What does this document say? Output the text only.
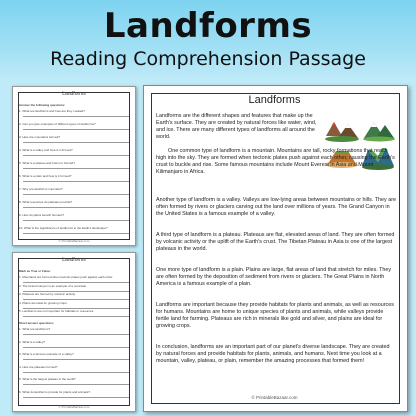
Landforms
Reading Comprehension Passage
Landforms
Answer the following questions:
© PrintableBazaar.com
1. What are landforms and how are they created?
2. Can you give examples of different types of landforms?
3. How are mountains formed?
4. What is a valley and how is it formed?
5. What is a plateau and how is it formed?
6. What is a plain and how is it formed?
7. Why are landforms important?
8. What resources do plateaus provide?
9. How do plains benefit humans?
10. What is the significance of landforms to the Earth's landscape?
Landforms
Mark as True or False:
Short answer questions:
© PrintableBazaar.com
1. Mountains are formed when tectonic plates push against each other.
2. The Grand Canyon is an example of a mountain.
3. Plateaus are formed by volcanic activity.
4. Plains are ideal for growing crops.
5. Landforms are not important for habitats or resources.
1. What are landforms?
2. What is a valley?
3. What is a famous example of a valley?
4. How are plateaus formed?
5. What is the largest plateau in the world?
6. What do landforms provide for plants and animals?
Landforms
Landforms are the different shapes and features that make up the Earth's surface. They are created by natural forces like water, wind, and ice. There are many different types of landforms all around the world.
One common type of landform is a mountain. Mountains are tall, rocky formations that reach high into the sky. They are formed when tectonic plates push against each other, causing the Earth's crust to buckle and rise. Some famous mountains include Mount Everest in Asia and Mount Kilimanjaro in Africa.
Another type of landform is a valley. Valleys are low-lying areas between mountains or hills. They are often formed by rivers or glaciers carving out the land over millions of years. The Grand Canyon in the United States is a famous example of a valley.
A third type of landform is a plateau. Plateaus are flat, elevated areas of land. They are often formed by volcanic activity or the uplift of the Earth's crust. The Tibetan Plateau in Asia is one of the largest plateaus in the world.
One more type of landform is a plain. Plains are large, flat areas of land that stretch for miles. They are often formed by the deposition of sediment from rivers or glaciers. The Great Plains in North America is a famous example of a plain.
Landforms are important because they provide habitats for plants and animals, as well as resources for humans. Mountains are home to unique species of plants and animals, while valleys provide fertile land for farming. Plateaus are rich in minerals like gold and silver, and plains are ideal for growing crops.
In conclusion, landforms are an important part of our planet's diverse landscape. They are created by natural forces and provide habitats for plants, animals, and humans. Next time you look at a mountain, valley, plateau, or plain, remember the amazing processes that formed them!
© PrintableBazaar.com
